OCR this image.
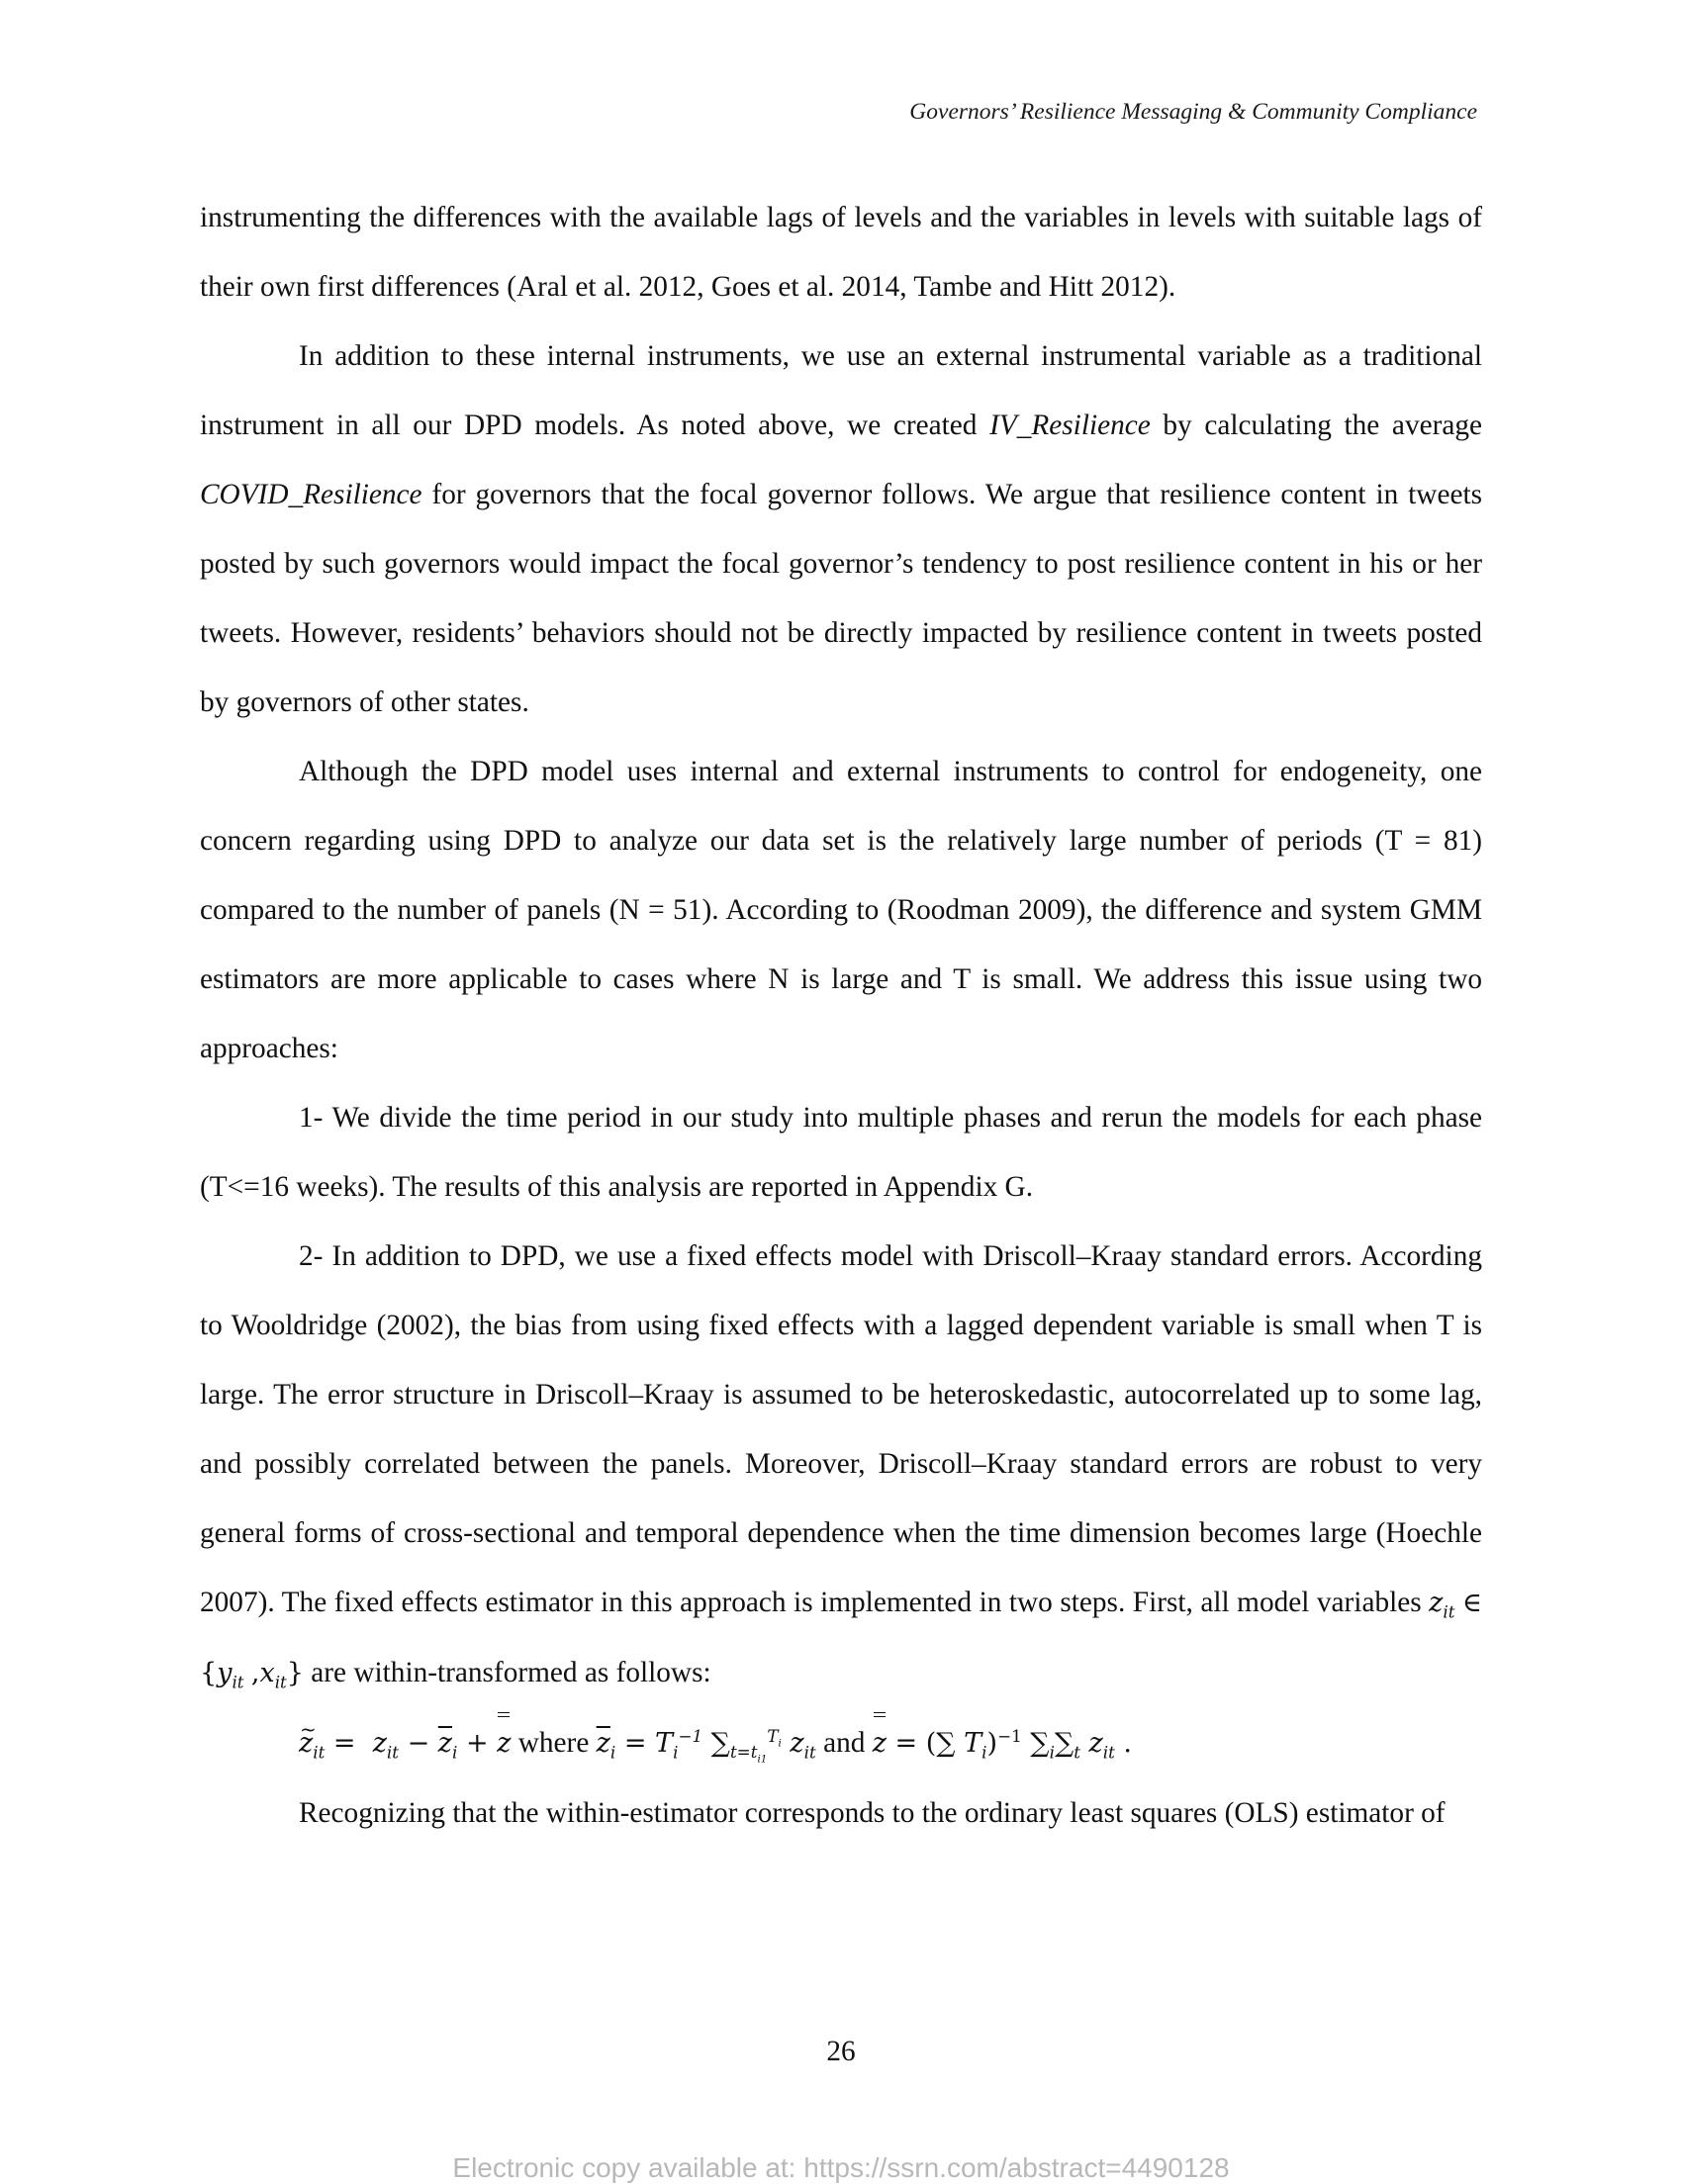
Governors’ Resilience Messaging & Community Compliance

instrumenting the differences with the available lags of levels and the variables in levels with suitable lags of their own first differences (Aral et al. 2012, Goes et al. 2014, Tambe and Hitt 2012).

In addition to these internal instruments, we use an external instrumental variable as a traditional instrument in all our DPD models. As noted above, we created IV_Resilience by calculating the average COVID_Resilience for governors that the focal governor follows. We argue that resilience content in tweets posted by such governors would impact the focal governor’s tendency to post resilience content in his or her tweets. However, residents’ behaviors should not be directly impacted by resilience content in tweets posted by governors of other states.

Although the DPD model uses internal and external instruments to control for endogeneity, one concern regarding using DPD to analyze our data set is the relatively large number of periods (T = 81) compared to the number of panels (N = 51). According to (Roodman 2009), the difference and system GMM estimators are more applicable to cases where N is large and T is small. We address this issue using two approaches:

1- We divide the time period in our study into multiple phases and rerun the models for each phase (T<=16 weeks). The results of this analysis are reported in Appendix G.

2- In addition to DPD, we use a fixed effects model with Driscoll–Kraay standard errors. According to Wooldridge (2002), the bias from using fixed effects with a lagged dependent variable is small when T is large. The error structure in Driscoll–Kraay is assumed to be heteroskedastic, autocorrelated up to some lag, and possibly correlated between the panels. Moreover, Driscoll–Kraay standard errors are robust to very general forms of cross-sectional and temporal dependence when the time dimension becomes large (Hoechle 2007). The fixed effects estimator in this approach is implemented in two steps. First, all model variables $z_{it}$ ∈ {$y_{it}$ $,x_{it}$} are within-transformed as follows:

~ $z_{it} = z_{it} - \overline{z}_i + z$ where $\overline{z}_i = T_i^{-1}$ $\sum_{t=t_{i1}}^{T_i}$ $z_{it}$ and z = (∑ $T_i)^{-1}$ $\sum_i\sum_t$ $z_{it}$ .

Recognizing that the within-estimator corresponds to the ordinary least squares (OLS) estimator of

26
Electronic copy available at: https://ssrn.com/abstract=4490128
